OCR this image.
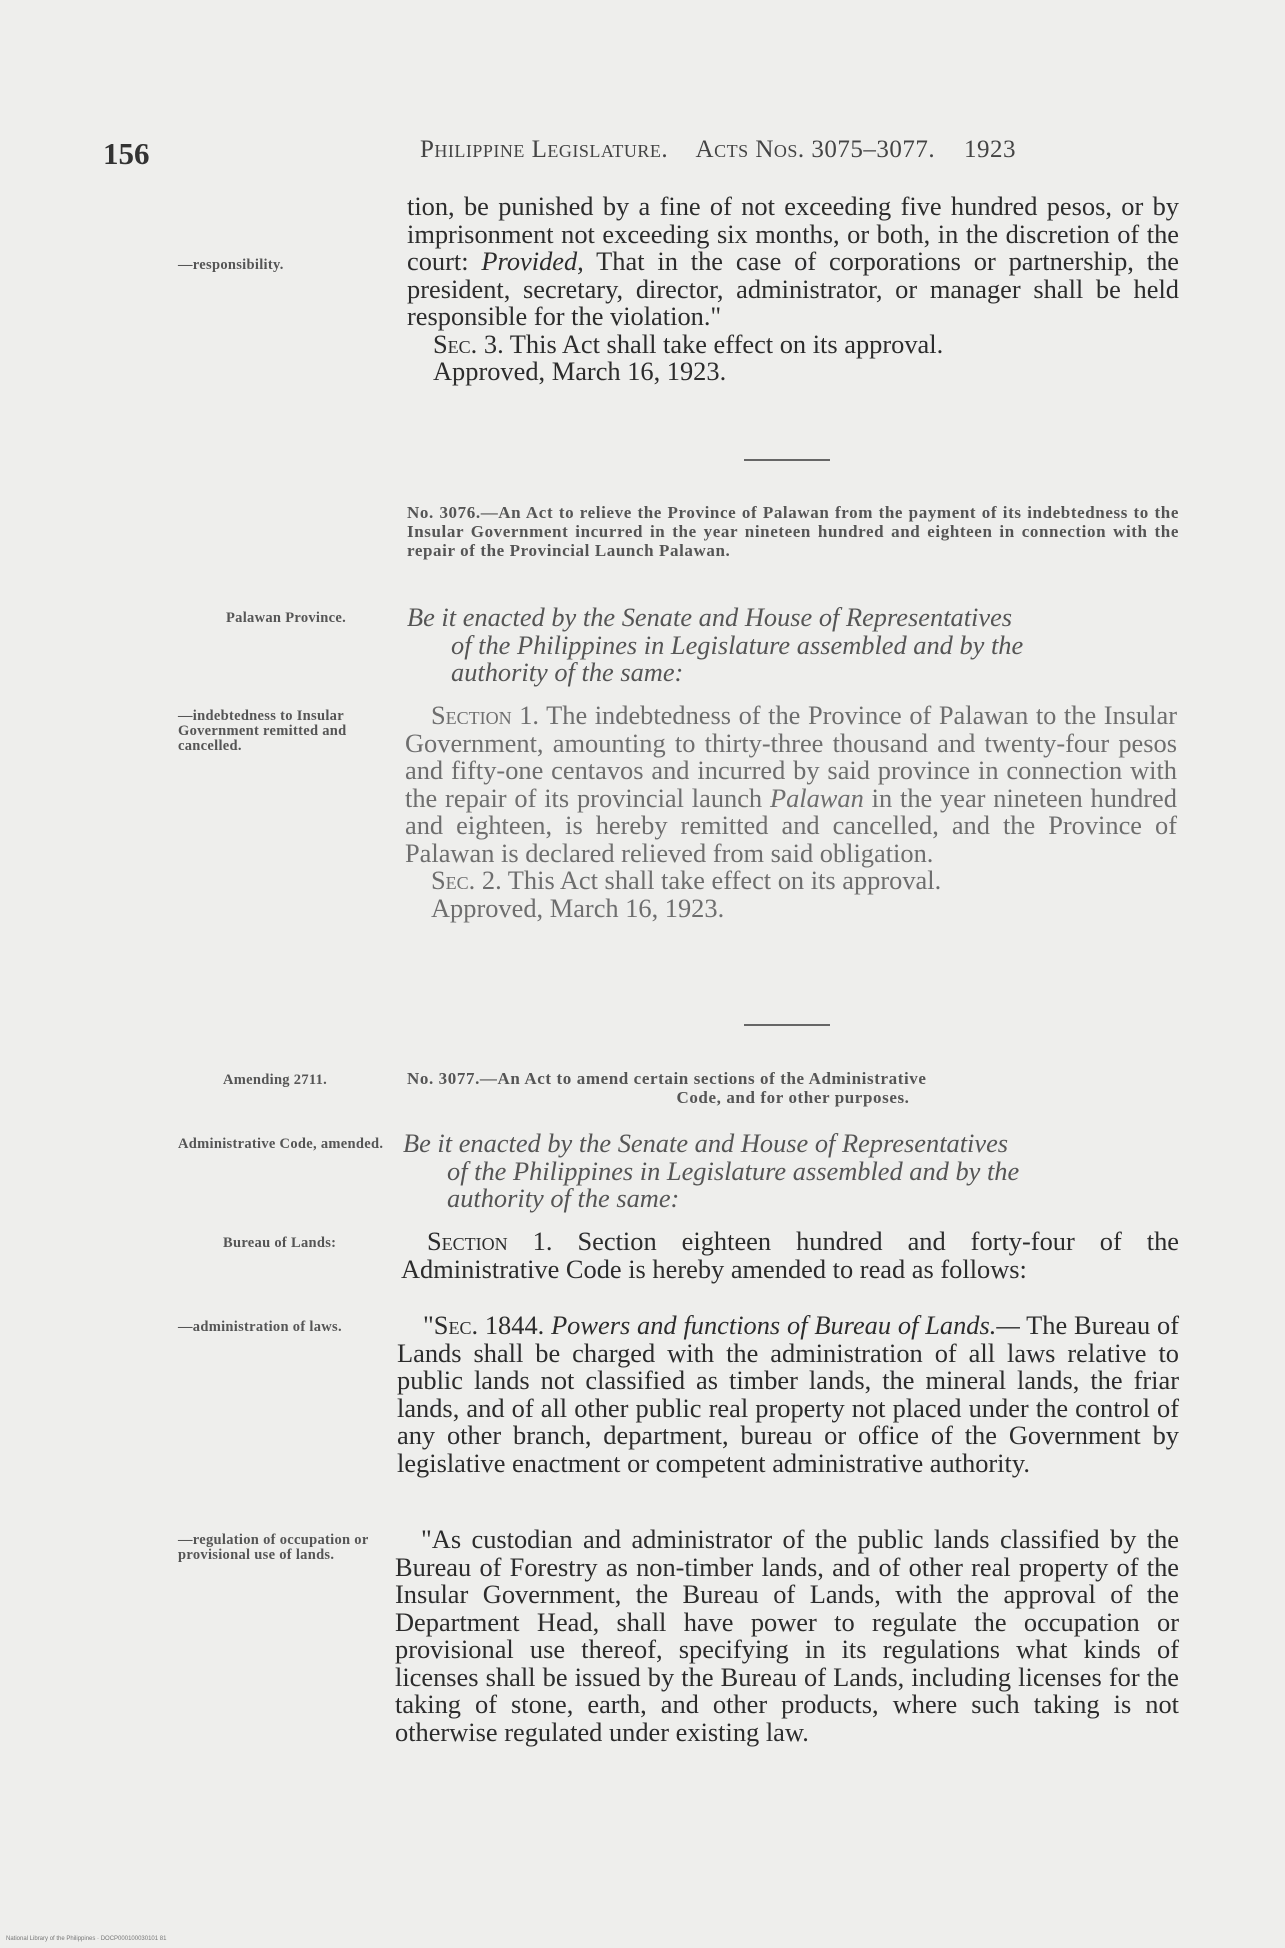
156	Philippine Legislature. Acts Nos. 3075–3077. 1923
—responsibility.

tion, be punished by a fine of not exceeding five hundred pesos, or by imprisonment not exceeding six months, or both, in the discretion of the court: Provided, That in the case of corporations or partnership, the president, secretary, director, administrator, or manager shall be held responsible for the violation."

Sec. 3. This Act shall take effect on its approval.

Approved, March 16, 1923.

No. 3076.—An Act to relieve the Province of Palawan from the payment of its indebtedness to the Insular Government incurred in the year nineteen hundred and eighteen in connection with the repair of the Provincial Launch Palawan.

Palawan Province. Be it enacted by the Senate and House of Representatives
of the Philippines in Legislature assembled and by the
authority of the same:
—indebtedness to Insular Government remitted and cancelled.

Section 1. The indebtedness of the Province of Palawan to the Insular Government, amounting to thirty-three thousand and twenty-four pesos and fifty-one centavos and incurred by said province in connection with the repair of its provincial launch Palawan in the year nineteen hundred and eighteen, is hereby remitted and cancelled, and the Province of Palawan is declared relieved from said obligation.

Sec. 2. This Act shall take effect on its approval.

Approved, March 16, 1923.

Amending 2711.	No. 3077.—An Act to amend certain sections of the Administrative

Code, and for other purposes.

Administrative Code, amended. Be it enacted by the Senate and House of Representatives
of the Philippines in Legislature assembled and by the
authority of the same:
Bureau of Lands:	Section 1. Section eighteen hundred and forty-four of the Administrative Code is hereby amended to read as follows:

—administration of laws.	"Sec. 1844. Powers and functions of Bureau of Lands.— The Bureau of Lands shall be charged with the administration of all laws relative to public lands not classified as timber lands, the mineral lands, the friar lands, and of all other public real property not placed under the control of any other branch, department, bureau or office of the Government by legislative enactment or competent administrative authority.

—regulation of occupation or provisional use of lands.

"As custodian and administrator of the public lands classified by the Bureau of Forestry as non-timber lands, and of other real property of the Insular Government, the Bureau of Lands, with the approval of the Department Head, shall have power to regulate the occupation or provisional use thereof, specifying in its regulations what kinds of licenses shall be issued by the Bureau of Lands, including licenses for the taking of stone, earth, and other products, where such taking is not otherwise regulated under existing law.

National Library of the Philippines · DOCP000100030101 81
